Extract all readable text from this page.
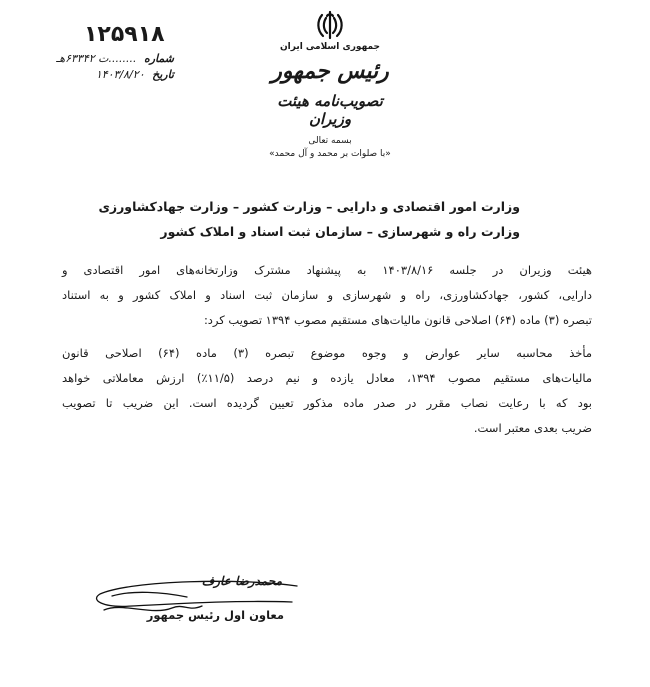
۱۲۵۹۱۸
شماره ........ت ۶۳۳۴۲هـ
تاریخ ۱۴۰۳/۸/۲۰
جمهوری اسلامی ایران
رئیس جمهور
تصویب‌نامه هیئت وزیران
بسمه تعالی
«با صلوات بر محمد و آل محمد»
وزارت امور اقتصادی و دارایی – وزارت کشور – وزارت جهادکشاورزی
وزارت راه و شهرسازی – سازمان ثبت اسناد و املاک کشور
هیئت وزیران در جلسه ۱۴۰۳/۸/۱۶ به پیشنهاد مشترک وزارتخانه‌های امور اقتصادی و
دارایی، کشور، جهادکشاورزی، راه و شهرسازی و سازمان ثبت اسناد و املاک کشور و به استناد
تبصره (۳) ماده (۶۴) اصلاحی قانون مالیات‌های مستقیم مصوب ۱۳۹۴ تصویب کرد:
مأخذ محاسبه سایر عوارض و وجوه موضوع تبصره (۳) ماده (۶۴) اصلاحی قانون
مالیات‌های مستقیم مصوب ۱۳۹۴، معادل یازده و نیم درصد (۱۱/۵٪) ارزش معاملاتی خواهد
بود که با رعایت نصاب مقرر در صدر ماده مذکور تعیین گردیده است. این ضریب تا تصویب
ضریب بعدی معتبر است.
محمدرضا عارف
معاون اول رئیس جمهور
